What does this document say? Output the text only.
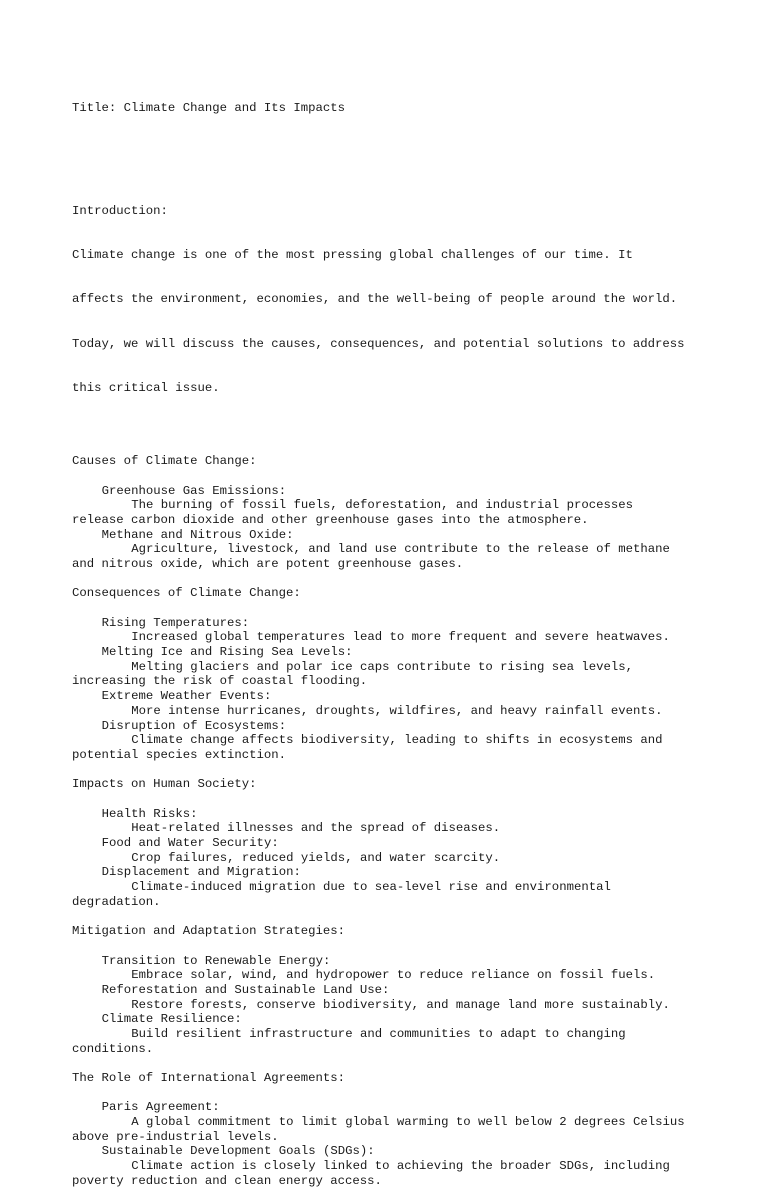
Title: Climate Change and Its Impacts

Introduction:

Climate change is one of the most pressing global challenges of our time. It

affects the environment, economies, and the well-being of people around the world.

Today, we will discuss the causes, consequences, and potential solutions to address

this critical issue.

Causes of Climate Change:
Greenhouse Gas Emissions:
The burning of fossil fuels, deforestation, and industrial processes
release carbon dioxide and other greenhouse gases into the atmosphere.
Methane and Nitrous Oxide:
Agriculture, livestock, and land use contribute to the release of methane
and nitrous oxide, which are potent greenhouse gases.
Consequences of Climate Change:
Rising Temperatures:
Increased global temperatures lead to more frequent and severe heatwaves.
Melting Ice and Rising Sea Levels:
Melting glaciers and polar ice caps contribute to rising sea levels,
increasing the risk of coastal flooding.
Extreme Weather Events:
More intense hurricanes, droughts, wildfires, and heavy rainfall events.
Disruption of Ecosystems:
Climate change affects biodiversity, leading to shifts in ecosystems and
potential species extinction.
Impacts on Human Society:
Health Risks:
Heat-related illnesses and the spread of diseases.
Food and Water Security:
Crop failures, reduced yields, and water scarcity.
Displacement and Migration:
Climate-induced migration due to sea-level rise and environmental
degradation.
Mitigation and Adaptation Strategies:
Transition to Renewable Energy:
Embrace solar, wind, and hydropower to reduce reliance on fossil fuels.
Reforestation and Sustainable Land Use:
Restore forests, conserve biodiversity, and manage land more sustainably.
Climate Resilience:
Build resilient infrastructure and communities to adapt to changing
conditions.
The Role of International Agreements:
Paris Agreement:
A global commitment to limit global warming to well below 2 degrees Celsius
above pre-industrial levels.
Sustainable Development Goals (SDGs):
Climate action is closely linked to achieving the broader SDGs, including
poverty reduction and clean energy access.
